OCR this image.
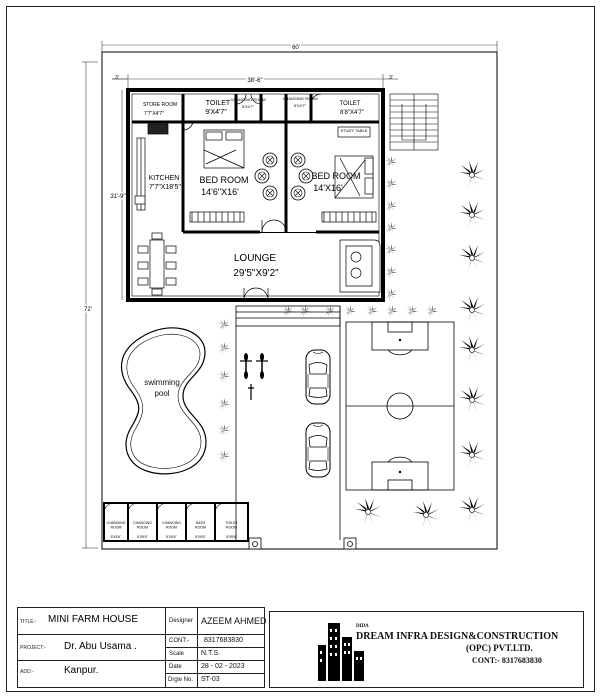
60'
38'-6"
3'	3'
72'
31'-9"
STUDY TABLE
STORE ROOM
7'7"X4'7"
TOILET
9'X4'7"
CHANGING ROOM
5'X4'7"
CHANGING ROOM
5'X4'7"	TOILET
8'8"X4'7"
KITCHEN
7'7"X18'5"
BED ROOM
14'6"X16'
BED ROOM
14'X16'
LOUNGE
29'5"X9'2"
CHANGING
ROOM
5'X5'6"
CHANGING
ROOM
5'X5'6"
CHANGING
ROOM
5'X5'6"
BATH
ROOM
5'X5'6"
TOILET
ROOM
5'X5'6"
swimming pool
TITLE:- MINI FARM HOUSE
PROJECT:- Dr. Abu Usama .
ADD:-	Kanpur.
Designer AZEEM AHMED
CONT:- 8317683830
Scale N.T.S.
Date	28 - 02 - 2023
Drgw No. ST-03
DIDA
DREAM INFRA DESIGN&CONSTRUCTION
(OPC) PVT.LTD.
CONT:- 8317683830
